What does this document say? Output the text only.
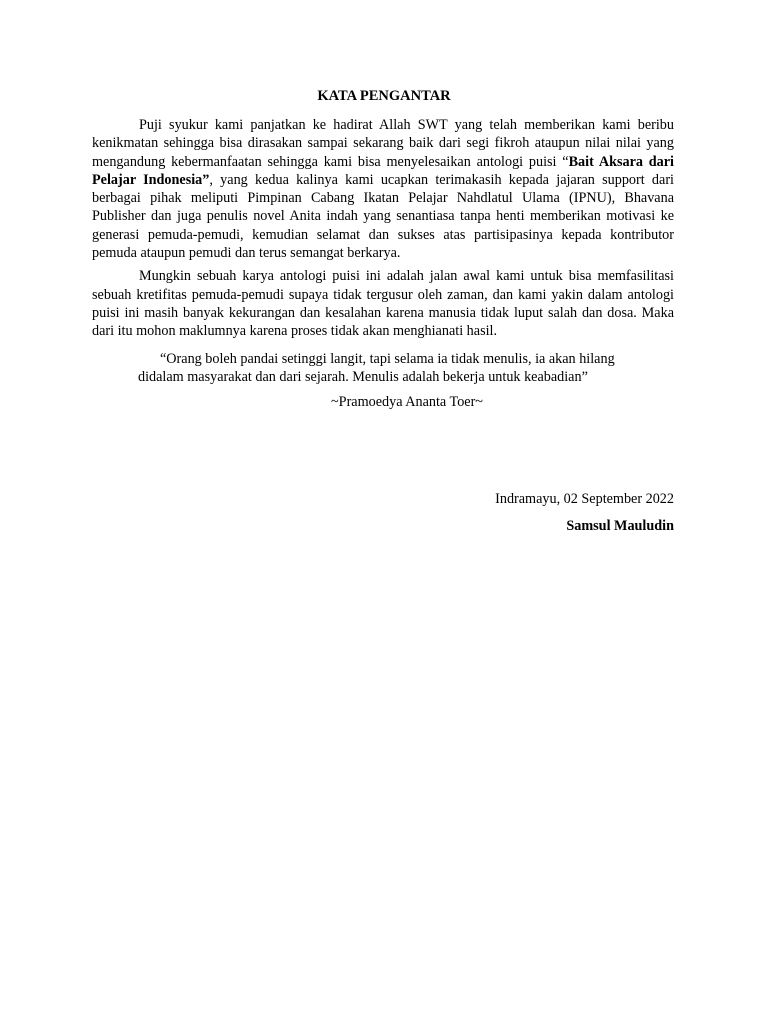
KATA PENGANTAR

Puji syukur kami panjatkan ke hadirat Allah SWT yang telah memberikan kami beribu kenikmatan sehingga bisa dirasakan sampai sekarang baik dari segi fikroh ataupun nilai nilai yang mengandung kebermanfaatan sehingga kami bisa menyelesaikan antologi puisi “Bait Aksara dari Pelajar Indonesia”, yang kedua kalinya kami ucapkan terimakasih kepada jajaran support dari berbagai pihak meliputi Pimpinan Cabang Ikatan Pelajar Nahdlatul Ulama (IPNU), Bhavana Publisher dan juga penulis novel Anita indah yang senantiasa tanpa henti memberikan motivasi ke generasi pemuda-pemudi, kemudian selamat dan sukses atas partisipasinya kepada kontributor pemuda ataupun pemudi dan terus semangat berkarya.

Mungkin sebuah karya antologi puisi ini adalah jalan awal kami untuk bisa memfasilitasi sebuah kretifitas pemuda-pemudi supaya tidak tergusur oleh zaman, dan kami yakin dalam antologi puisi ini masih banyak kekurangan dan kesalahan karena manusia tidak luput salah dan dosa. Maka dari itu mohon maklumnya karena proses tidak akan menghianati hasil.

“Orang boleh pandai setinggi langit, tapi selama ia tidak menulis, ia akan hilang
didalam masyarakat dan dari sejarah. Menulis adalah bekerja untuk keabadian”
~Pramoedya Ananta Toer~
Indramayu, 02 September 2022
Samsul Mauludin
